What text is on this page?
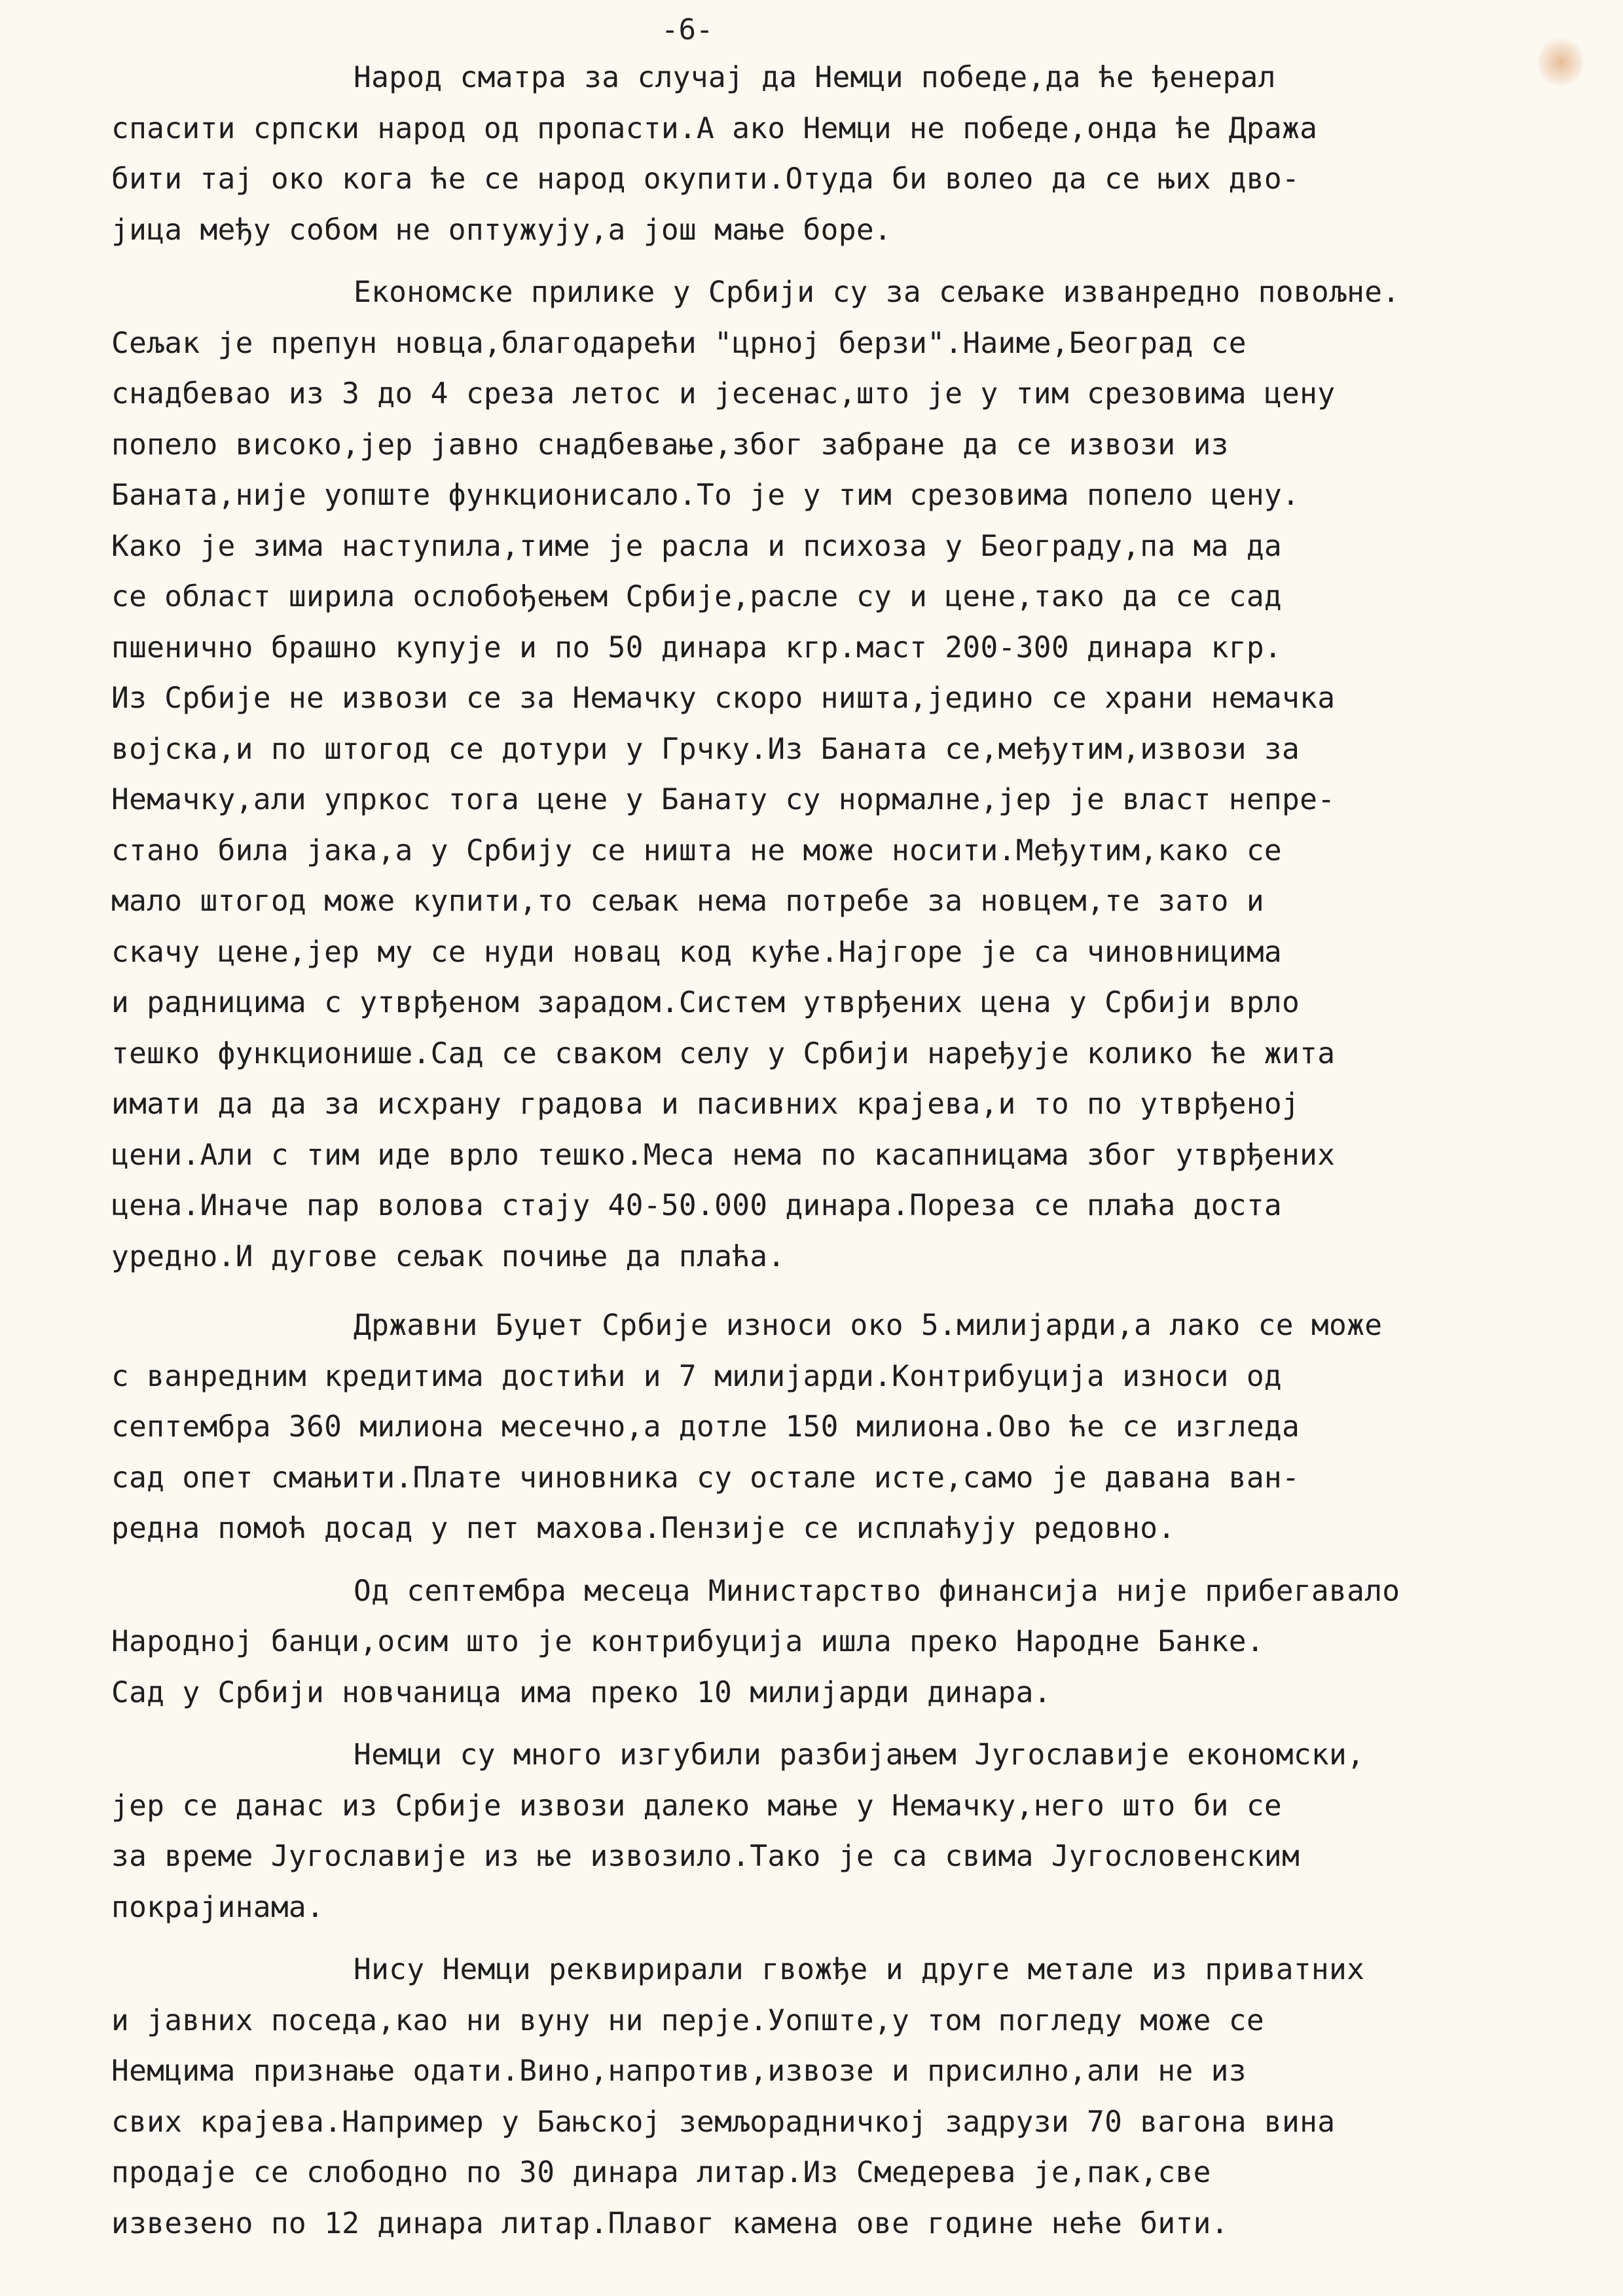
-6-
Народ сматра за случај да Немци победе,да ће ђенерал
спасити српски народ од пропасти.А ако Немци не победе,онда ће Дража
бити тај око кога ће се народ окупити.Отуда би волео да се њих дво-
јица међу собом не оптужују,а још мање боре.
Економске прилике у Србији су за сељаке изванредно повољне.
Сељак је препун новца,благодарећи "црној берзи".Наиме,Београд се
снадбевао из 3 до 4 среза летос и јесенас,што је у тим срезовима цену
попело високо,јер јавно снадбевање,због забране да се извози из
Баната,није уопште функционисало.То је у тим срезовима попело цену.
Како је зима наступила,тиме је расла и психоза у Београду,па ма да
се област ширила ослобођењем Србије,расле су и цене,тако да се сад
пшенично брашно купује и по 50 динара кгр.маст 200-300 динара кгр.
Из Србије не извози се за Немачку скоро ништа,једино се храни немачка
војска,и по штогод се дотури у Грчку.Из Баната се,међутим,извози за
Немачку,али упркос тога цене у Банату су нормалне,јер је власт непре-
стано била јака,а у Србију се ништа не може носити.Међутим,како се
мало штогод може купити,то сељак нема потребе за новцем,те зато и
скачу цене,јер му се нуди новац код куће.Најгоре је са чиновницима
и радницима с утврђеном зарадом.Систем утврђених цена у Србији врло
тешко функционише.Сад се сваком селу у Србији наређује колико ће жита
имати да да за исхрану градова и пасивних крајева,и то по утврђеној
цени.Али с тим иде врло тешко.Меса нема по касапницама због утврђених
цена.Иначе пар волова стају 40-50.000 динара.Пореза се плаћа доста
уредно.И дугове сељак почиње да плаћа.
Државни Буџет Србије износи око 5.милијарди,а лако се може
с ванредним кредитима достићи и 7 милијарди.Контрибуција износи од
септембра 360 милиона месечно,а дотле 150 милиона.Ово ће се изгледа
сад опет смањити.Плате чиновника су остале исте,само је давана ван-
редна помоћ досад у пет махова.Пензије се исплаћују редовно.
Од септембра месеца Министарство финансија није прибегавало
Народној банци,осим што је контрибуција ишла преко Народне Банке.
Сад у Србији новчаница има преко 10 милијарди динара.
Немци су много изгубили разбијањем Југославије економски,
јер се данас из Србије извози далеко мање у Немачку,него што би се
за време Југославије из ње извозило.Тако је са свима Југословенским
покрајинама.
Нису Немци реквирирали гвожђе и друге метале из приватних
и јавних поседа,као ни вуну ни перје.Уопште,у том погледу може се
Немцима признање одати.Вино,напротив,извозе и присилно,али не из
свих крајева.Например у Бањској земљорадничкој задрузи 70 вагона вина
продаје се слободно по 30 динара литар.Из Смедерева је,пак,све
извезено по 12 динара литар.Плавог камена ове године неће бити.
